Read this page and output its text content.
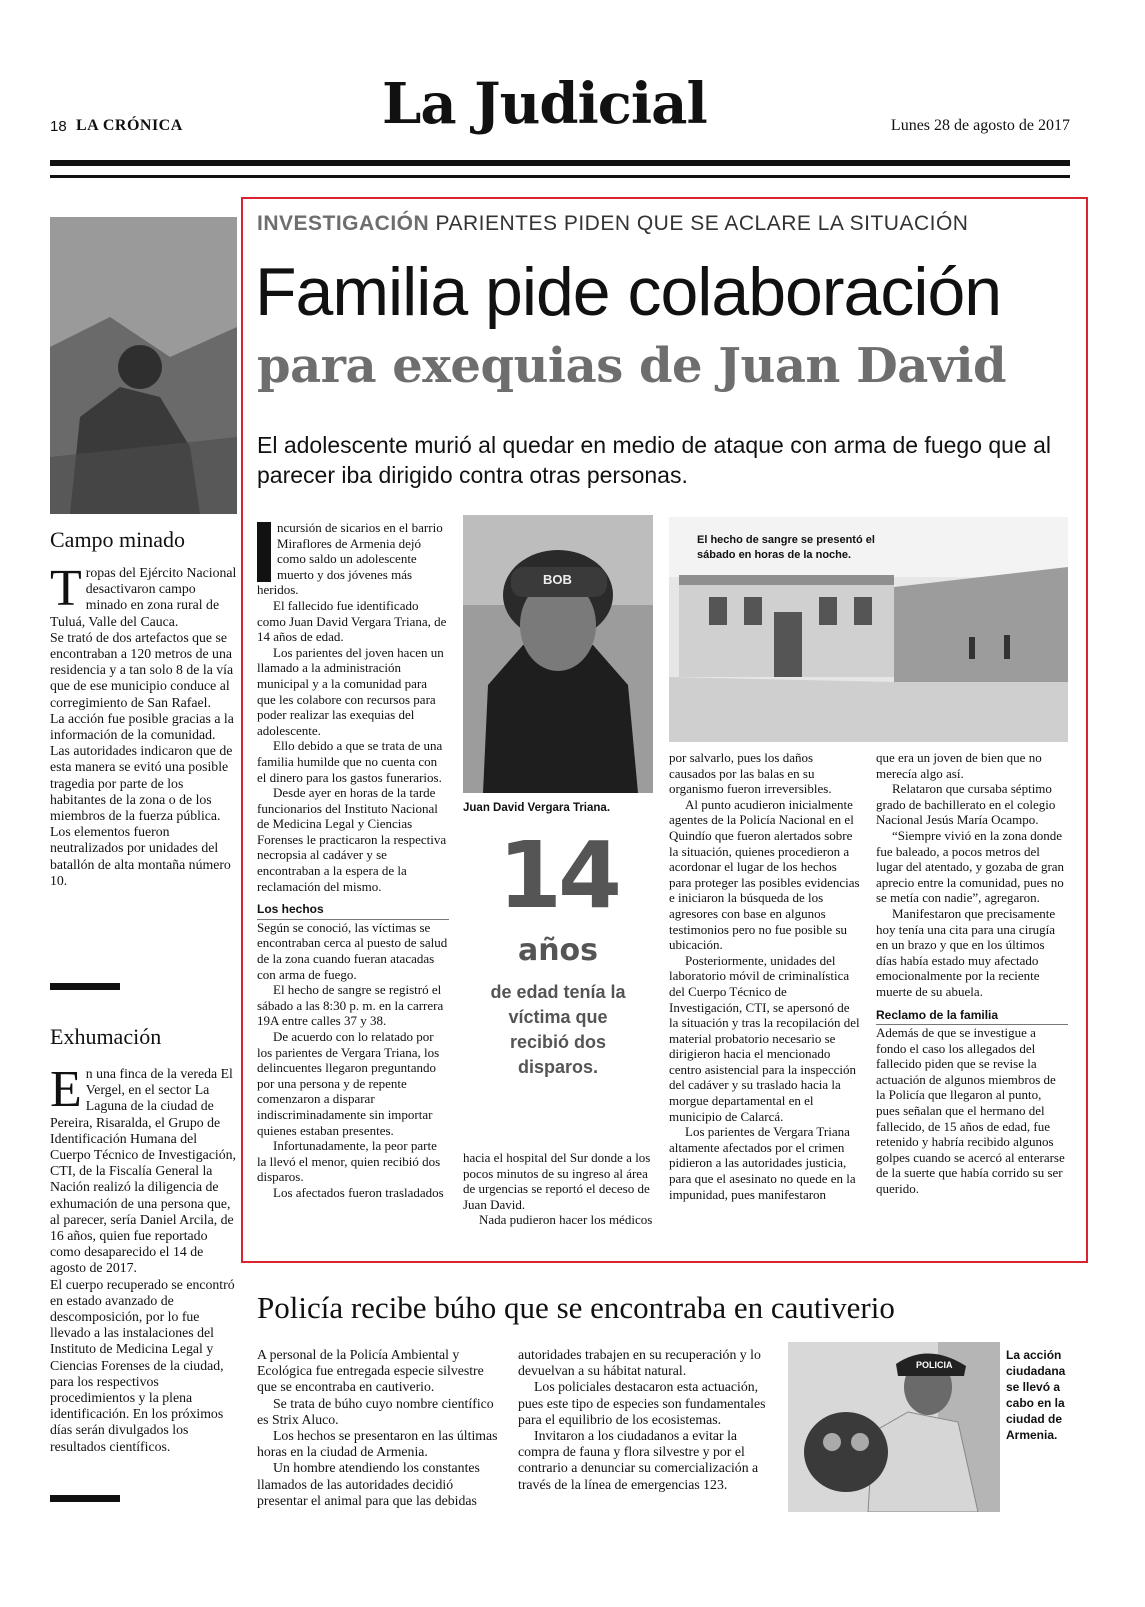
18 LA CRÓNICA	La Judicial	Lunes 28 de agosto de 2017
Campo minado
T ropas del Ejército Nacional desactivaron campo minado en zona rural de Tuluá, Valle del Cauca.

Se trató de dos artefactos que se encontraban a 120 metros de una residencia y a tan solo 8 de la vía que de ese municipio conduce al corregimiento de San Rafael.

La acción fue posible gracias a la información de la comunidad.

Las autoridades indicaron que de esta manera se evitó una posible tragedia por parte de los habitantes de la zona o de los miembros de la fuerza pública.

Los elementos fueron neutralizados por unidades del batallón de alta montaña número 10.

Exhumación
E n una finca de la vereda El Vergel, en el sector La Laguna de la ciudad de Pereira, Risaralda, el Grupo de Identificación Humana del Cuerpo Técnico de Investigación, CTI, de la Fiscalía General la Nación realizó la diligencia de exhumación de una persona que, al parecer, sería Daniel Arcila, de 16 años, quien fue reportado como desaparecido el 14 de agosto de 2017.

El cuerpo recuperado se encontró en estado avanzado de descomposición, por lo fue llevado a las instalaciones del Instituto de Medicina Legal y Ciencias Forenses de la ciudad, para los respectivos procedimientos y la plena identificación. En los próximos días serán divulgados los resultados científicos.

INVESTIGACIÓN PARIENTES PIDEN QUE SE ACLARE LA SITUACIÓN
Familia pide colaboración
para exequias de Juan David
El adolescente murió al quedar en medio de ataque con arma de fuego que al parecer iba dirigido contra otras personas.
I	ncursión de sicarios en el barrio Miraflores de Armenia dejó como saldo un adolescente muerto y dos jóvenes más heridos.

El fallecido fue identificado como Juan David Vergara Triana, de 14 años de edad.

Los parientes del joven hacen un llamado a la administración municipal y a la comunidad para que les colabore con recursos para poder realizar las exequias del adolescente.

Ello debido a que se trata de una familia humilde que no cuenta con el dinero para los gastos funerarios.

Desde ayer en horas de la tarde funcionarios del Instituto Nacional de Medicina Legal y Ciencias Forenses le practicaron la respectiva necropsia al cadáver y se encontraban a la espera de la reclamación del mismo.

Los hechos

Según se conoció, las víctimas se encontraban cerca al puesto de salud de la zona cuando fueran atacadas con arma de fuego.

El hecho de sangre se registró el sábado a las 8:30 p. m. en la carrera 19A entre calles 37 y 38.

De acuerdo con lo relatado por los parientes de Vergara Triana, los delincuentes llegaron preguntando por una persona y de repente comenzaron a disparar indiscriminadamente sin importar quienes estaban presentes.

Infortunadamente, la peor parte la llevó el menor, quien recibió dos disparos.

Los afectados fueron trasladados

BOB
Juan David Vergara Triana.
14
años
de edad tenía la víctima que recibió dos disparos.

hacia el hospital del Sur donde a los pocos minutos de su ingreso al área de urgencias se reportó el deceso de Juan David.

Nada pudieron hacer los médicos

El hecho de sangre se presentó el sábado en horas de la noche.

por salvarlo, pues los daños causados por las balas en su organismo fueron irreversibles.

Al punto acudieron inicialmente agentes de la Policía Nacional en el Quindío que fueron alertados sobre la situación, quienes procedieron a acordonar el lugar de los hechos para proteger las posibles evidencias e iniciaron la búsqueda de los agresores con base en algunos testimonios pero no fue posible su ubicación.

Posteriormente, unidades del laboratorio móvil de criminalística del Cuerpo Técnico de Investigación, CTI, se apersonó de la situación y tras la recopilación del material probatorio necesario se dirigieron hacia el mencionado centro asistencial para la inspección del cadáver y su traslado hacia la morgue departamental en el municipio de Calarcá.

Los parientes de Vergara Triana altamente afectados por el crimen pidieron a las autoridades justicia, para que el asesinato no quede en la impunidad, pues manifestaron

que era un joven de bien que no merecía algo así.

Relataron que cursaba séptimo grado de bachillerato en el colegio Nacional Jesús María Ocampo.

“Siempre vivió en la zona donde fue baleado, a pocos metros del lugar del atentado, y gozaba de gran aprecio entre la comunidad, pues no se metía con nadie”, agregaron.

Manifestaron que precisamente hoy tenía una cita para una cirugía en un brazo y que en los últimos días había estado muy afectado emocionalmente por la reciente muerte de su abuela.

Reclamo de la familia

Además de que se investigue a fondo el caso los allegados del fallecido piden que se revise la actuación de algunos miembros de la Policía que llegaron al punto, pues señalan que el hermano del fallecido, de 15 años de edad, fue retenido y habría recibido algunos golpes cuando se acercó al enterarse de la suerte que había corrido su ser querido.

Policía recibe búho que se encontraba en cautiverio

A personal de la Policía Ambiental y Ecológica fue entregada especie silvestre que se encontraba en cautiverio.

Se trata de búho cuyo nombre científico es Strix Aluco.

Los hechos se presentaron en las últimas horas en la ciudad de Armenia.

Un hombre atendiendo los constantes llamados de las autoridades decidió presentar el animal para que las debidas

autoridades trabajen en su recuperación y lo devuelvan a su hábitat natural.

Los policiales destacaron esta actuación, pues este tipo de especies son fundamentales para el equilibrio de los ecosistemas.

Invitaron a los ciudadanos a evitar la compra de fauna y flora silvestre y por el contrario a denunciar su comercialización a través de la línea de emergencias 123.

POLICIA
La acción ciudadana se llevó a cabo en la ciudad de Armenia.
